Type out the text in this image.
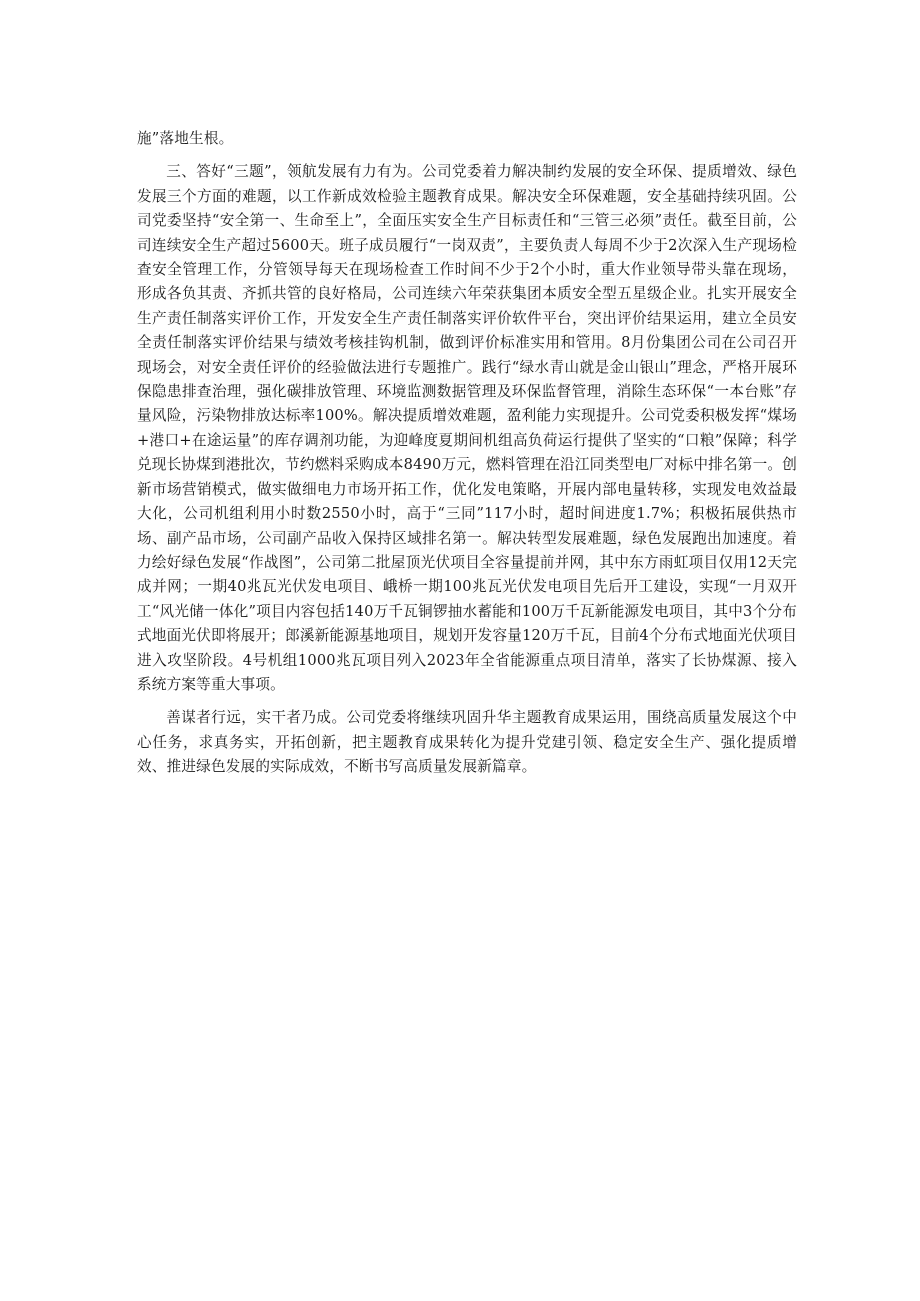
施”落地生根。

三、答好“三题”，领航发展有力有为。公司党委着力解决制约发展的安全环保、提质增效、绿色发展三个方面的难题，以工作新成效检验主题教育成果。解决安全环保难题，安全基础持续巩固。公司党委坚持“安全第一、生命至上”，全面压实安全生产目标责任和“三管三必须”责任。截至目前，公司连续安全生产超过5600天。班子成员履行“一岗双责”，主要负责人每周不少于2次深入生产现场检查安全管理工作，分管领导每天在现场检查工作时间不少于2个小时，重大作业领导带头靠在现场，形成各负其责、齐抓共管的良好格局，公司连续六年荣获集团本质安全型五星级企业。扎实开展安全生产责任制落实评价工作，开发安全生产责任制落实评价软件平台，突出评价结果运用，建立全员安全责任制落实评价结果与绩效考核挂钩机制，做到评价标准实用和管用。8月份集团公司在公司召开现场会，对安全责任评价的经验做法进行专题推广。践行“绿水青山就是金山银山”理念，严格开展环保隐患排查治理，强化碳排放管理、环境监测数据管理及环保监督管理，消除生态环保“一本台账”存量风险，污染物排放达标率100%。解决提质增效难题，盈利能力实现提升。公司党委积极发挥“煤场+港口+在途运量”的库存调剂功能，为迎峰度夏期间机组高负荷运行提供了坚实的“口粮”保障；科学兑现长协煤到港批次，节约燃料采购成本8490万元，燃料管理在沿江同类型电厂对标中排名第一。创新市场营销模式，做实做细电力市场开拓工作，优化发电策略，开展内部电量转移，实现发电效益最大化，公司机组利用小时数2550小时，高于“三同”117小时，超时间进度1.7%；积极拓展供热市场、副产品市场，公司副产品收入保持区域排名第一。解决转型发展难题，绿色发展跑出加速度。着力绘好绿色发展“作战图”，公司第二批屋顶光伏项目全容量提前并网，其中东方雨虹项目仅用12天完成并网；一期40兆瓦光伏发电项目、峨桥一期100兆瓦光伏发电项目先后开工建设，实现“一月双开工“风光储一体化”项目内容包括140万千瓦铜锣抽水蓄能和100万千瓦新能源发电项目，其中3个分布式地面光伏即将展开；郎溪新能源基地项目，规划开发容量120万千瓦，目前4个分布式地面光伏项目进入攻坚阶段。4号机组1000兆瓦项目列入2023年全省能源重点项目清单，落实了长协煤源、接入系统方案等重大事项。

善谋者行远，实干者乃成。公司党委将继续巩固升华主题教育成果运用，围绕高质量发展这个中心任务，求真务实，开拓创新，把主题教育成果转化为提升党建引领、稳定安全生产、强化提质增效、推进绿色发展的实际成效，不断书写高质量发展新篇章。
